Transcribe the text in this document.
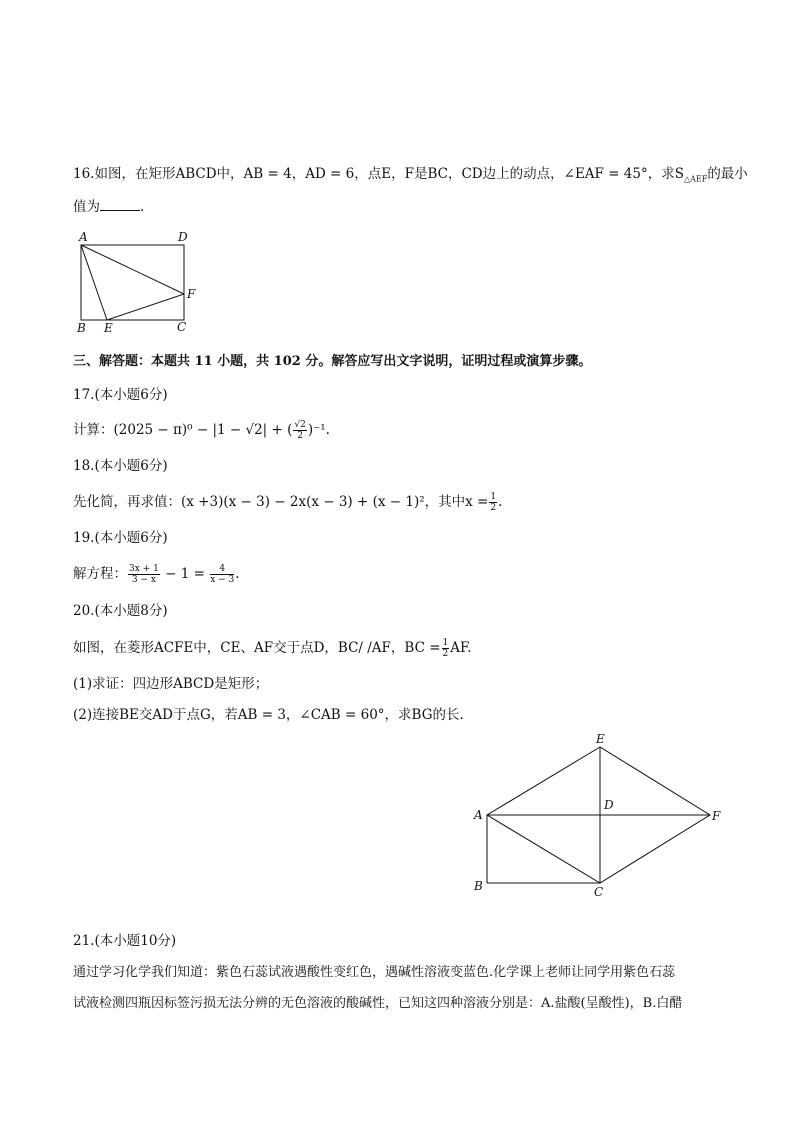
16.如图，在矩形ABCD中，AB = 4，AD = 6，点E，F是BC，CD边上的动点，∠EAF = 45°，求$S_{\triangle AEF}$的最小
值为	.
A	D
B E	C
F
三、解答题：本题共 11 小题，共 102 分。解答应写出文字说明，证明过程或演算步骤。
17.(本小题6分)
计算：(2025 − π)⁰ − |1 − √2| + ( $\frac{√2}{2} )^{-1}$.
18.(本小题6分)
先化简，再求值：(x +3)(x − 3) − 2x(x − 3) + (x − 1)²，其中$x = \frac{1}{2}$ .
19.(本小题6分)
解方程： $\frac{3x + 1}{3 - x} - 1 = \frac{4}{x - 3}$ .
20.(本小题8分)
如图，在菱形ACFE中，CE、AF交于点D，BC/ /AF，BC = $\frac{1}{2}$ AF.
(1)求证：四边形ABCD是矩形；
(2)连接BE交AD于点G，若AB = 3，∠CAB = 60°，求BG的长.
E
A
D
F
B	C
21.(本小题10分)
通过学习化学我们知道：紫色石蕊试液遇酸性变红色，遇碱性溶液变蓝色.化学课上老师让同学用紫色石蕊
试液检测四瓶因标签污损无法分辨的无色溶液的酸碱性，已知这四种溶液分别是：A.盐酸(呈酸性)，B.白醋
